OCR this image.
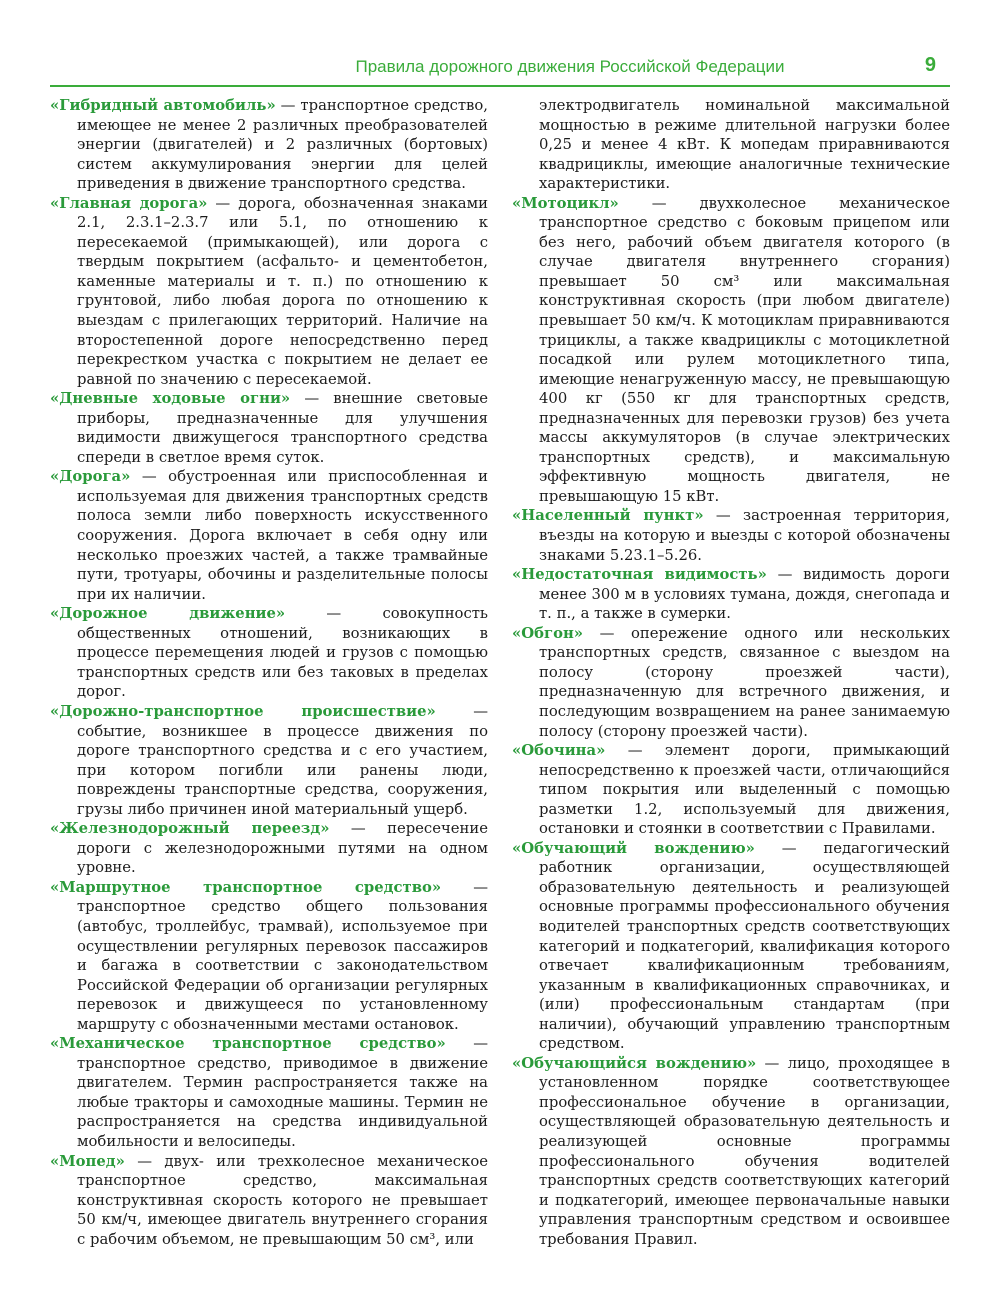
Правила дорожного движения Российской Федерации	9

«Гибридный автомобиль» — транспортное средство, имеющее не менее 2 различных преобразователей энергии (двигателей) и 2 различных (бортовых) систем аккумулирования энергии для целей приведения в движение транспортного средства.

«Главная дорога» — дорога, обозначенная знаками 2.1, 2.3.1–2.3.7 или 5.1, по отношению к пересекаемой (примыкающей), или дорога с твердым покрытием (асфальто- и цементобетон, каменные материалы и т. п.) по отношению к грунтовой, либо любая дорога по отношению к выездам с прилегающих территорий. Наличие на второстепенной дороге непосредственно перед перекрестком участка с покрытием не делает ее равной по значению с пересекаемой.

«Дневные ходовые огни» — внешние световые приборы, предназначенные для улучшения видимости движущегося транспортного средства спереди в светлое время суток.

«Дорога» — обустроенная или приспособленная и используемая для движения транспортных средств полоса земли либо поверхность искусственного сооружения. Дорога включает в себя одну или несколько проезжих частей, а также трамвайные пути, тротуары, обочины и разделительные полосы при их наличии.

«Дорожное движение» — совокупность общественных отношений, возникающих в процессе перемещения людей и грузов с помощью транспортных средств или без таковых в пределах дорог.

«Дорожно-транспортное происшествие» — событие, возникшее в процессе движения по дороге транспортного средства и с его участием, при котором погибли или ранены люди, повреждены транспортные средства, сооружения, грузы либо причинен иной материальный ущерб.

«Железнодорожный переезд» — пересечение дороги с железнодорожными путями на одном уровне.

«Маршрутное транспортное средство» — транспортное средство общего пользования (автобус, троллейбус, трамвай), используемое при осуществлении регулярных перевозок пассажиров и багажа в соответствии с законодательством Российской Федерации об организации регулярных перевозок и движущееся по установленному маршруту с обозначенными местами остановок.

«Механическое транспортное средство» — транспортное средство, приводимое в движение двигателем. Термин распространяется также на любые тракторы и самоходные машины. Термин не распространяется на средства индивидуальной мобильности и велосипеды.

«Мопед» — двух- или трехколесное механическое транспортное средство, максимальная конструктивная скорость которого не превышает 50 км/ч, имеющее двигатель внутреннего сгорания с рабочим объемом, не превышающим 50 см³, или

электродвигатель номинальной максимальной мощностью в режиме длительной нагрузки более 0,25 и менее 4 кВт. К мопедам приравниваются квадрициклы, имеющие аналогичные технические характеристики.

«Мотоцикл» — двухколесное механическое транспортное средство с боковым прицепом или без него, рабочий объем двигателя которого (в случае двигателя внутреннего сгорания) превышает 50 см³ или максимальная конструктивная скорость (при любом двигателе) превышает 50 км/ч. К мотоциклам приравниваются трициклы, а также квадрициклы с мотоциклетной посадкой или рулем мотоциклетного типа, имеющие ненагруженную массу, не превышающую 400 кг (550 кг для транспортных средств, предназначенных для перевозки грузов) без учета массы аккумуляторов (в случае электрических транспортных средств), и максимальную эффективную мощность двигателя, не превышающую 15 кВт.

«Населенный пункт» — застроенная территория, въезды на которую и выезды с которой обозначены знаками 5.23.1–5.26.

«Недостаточная видимость» — видимость дороги менее 300 м в условиях тумана, дождя, снегопада и т. п., а также в сумерки.

«Обгон» — опережение одного или нескольких транспортных средств, связанное с выездом на полосу (сторону проезжей части), предназначенную для встречного движения, и последующим возвращением на ранее занимаемую полосу (сторону проезжей части).

«Обочина» — элемент дороги, примыкающий непосредственно к проезжей части, отличающийся типом покрытия или выделенный с помощью разметки 1.2, используемый для движения, остановки и стоянки в соответствии с Правилами.

«Обучающий вождению» — педагогический работник организации, осуществляющей образовательную деятельность и реализующей основные программы профессионального обучения водителей транспортных средств соответствующих категорий и подкатегорий, квалификация которого отвечает квалификационным требованиям, указанным в квалификационных справочниках, и (или) профессиональным стандартам (при наличии), обучающий управлению транспортным средством.

«Обучающийся вождению» — лицо, проходящее в установленном порядке соответствующее профессиональное обучение в организации, осуществляющей образовательную деятельность и реализующей основные программы профессионального обучения водителей транспортных средств соответствующих категорий и подкатегорий, имеющее первоначальные навыки управления транспортным средством и освоившее требования Правил.
